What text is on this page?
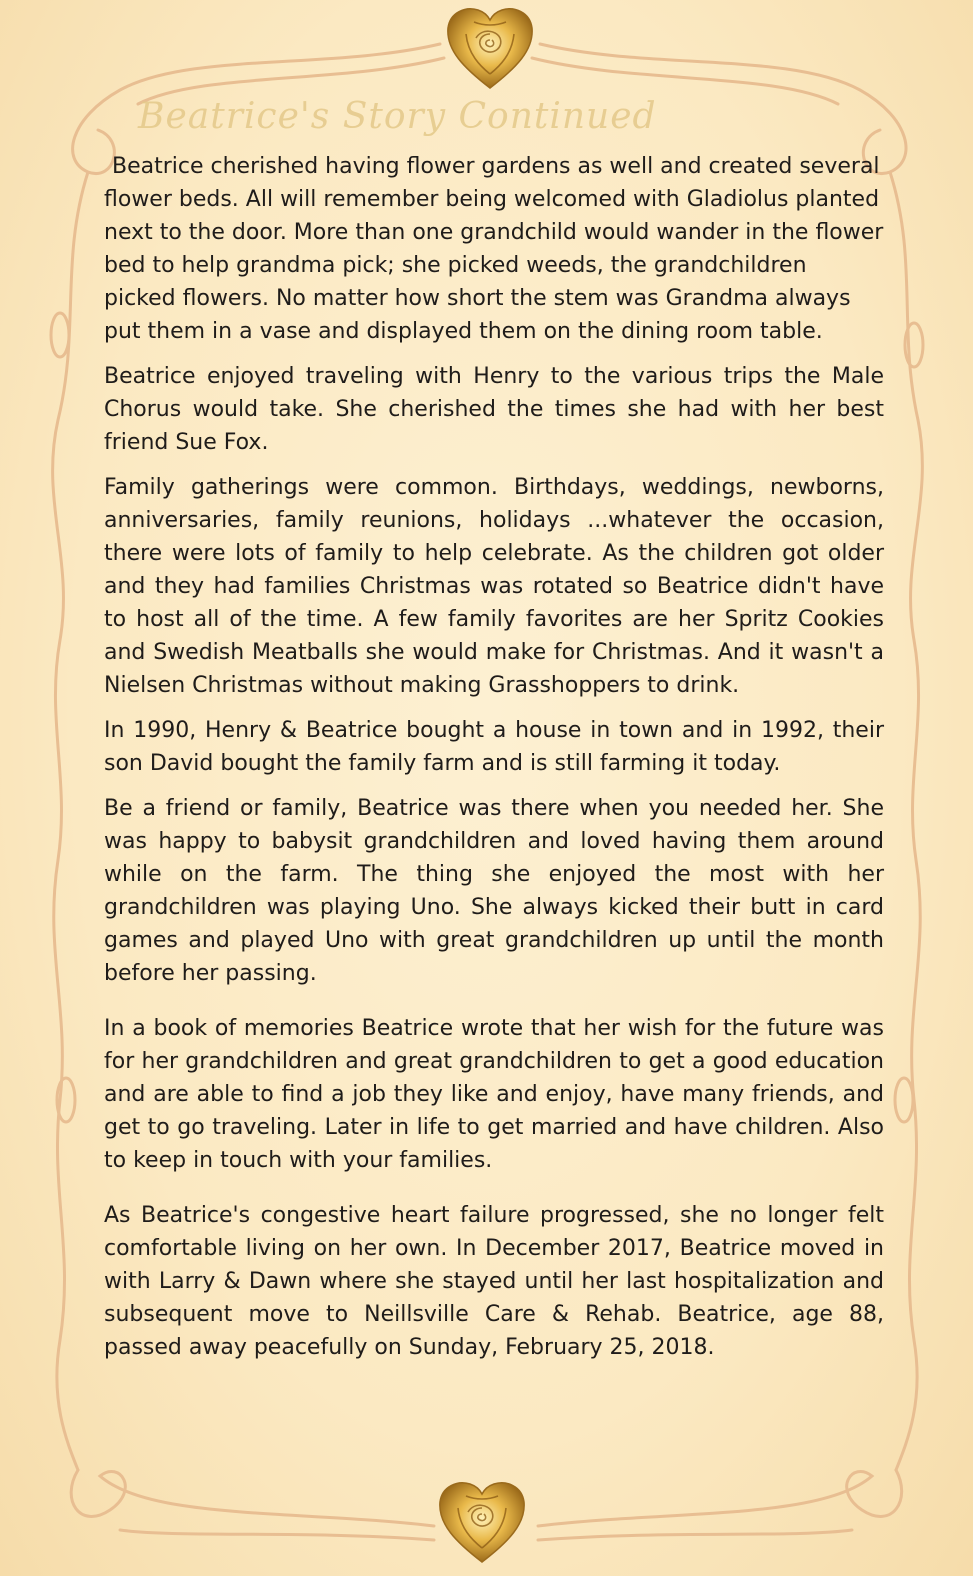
Beatrice's Story Continued

Beatrice cherished having flower gardens as well and created several flower beds. All will remember being welcomed with Gladiolus planted next to the door. More than one grandchild would wander in the flower bed to help grandma pick; she picked weeds, the grandchildren picked flowers. No matter how short the stem was Grandma always put them in a vase and displayed them on the dining room table.

Beatrice enjoyed traveling with Henry to the various trips the Male Chorus would take. She cherished the times she had with her best friend Sue Fox.

Family gatherings were common. Birthdays, weddings, newborns, anniversaries, family reunions, holidays ...whatever the occasion, there were lots of family to help celebrate. As the children got older and they had families Christmas was rotated so Beatrice didn't have to host all of the time. A few family favorites are her Spritz Cookies and Swedish Meatballs she would make for Christmas. And it wasn't a Nielsen Christmas without making Grasshoppers to drink.

In 1990, Henry & Beatrice bought a house in town and in 1992, their son David bought the family farm and is still farming it today.

Be a friend or family, Beatrice was there when you needed her. She was happy to babysit grandchildren and loved having them around while on the farm. The thing she enjoyed the most with her grandchildren was playing Uno. She always kicked their butt in card games and played Uno with great grandchildren up until the month before her passing.

In a book of memories Beatrice wrote that her wish for the future was for her grandchildren and great grandchildren to get a good education and are able to find a job they like and enjoy, have many friends, and get to go traveling. Later in life to get married and have children. Also to keep in touch with your families.

As Beatrice's congestive heart failure progressed, she no longer felt comfortable living on her own. In December 2017, Beatrice moved in with Larry & Dawn where she stayed until her last hospitalization and subsequent move to Neillsville Care & Rehab. Beatrice, age 88, passed away peacefully on Sunday, February 25, 2018.
